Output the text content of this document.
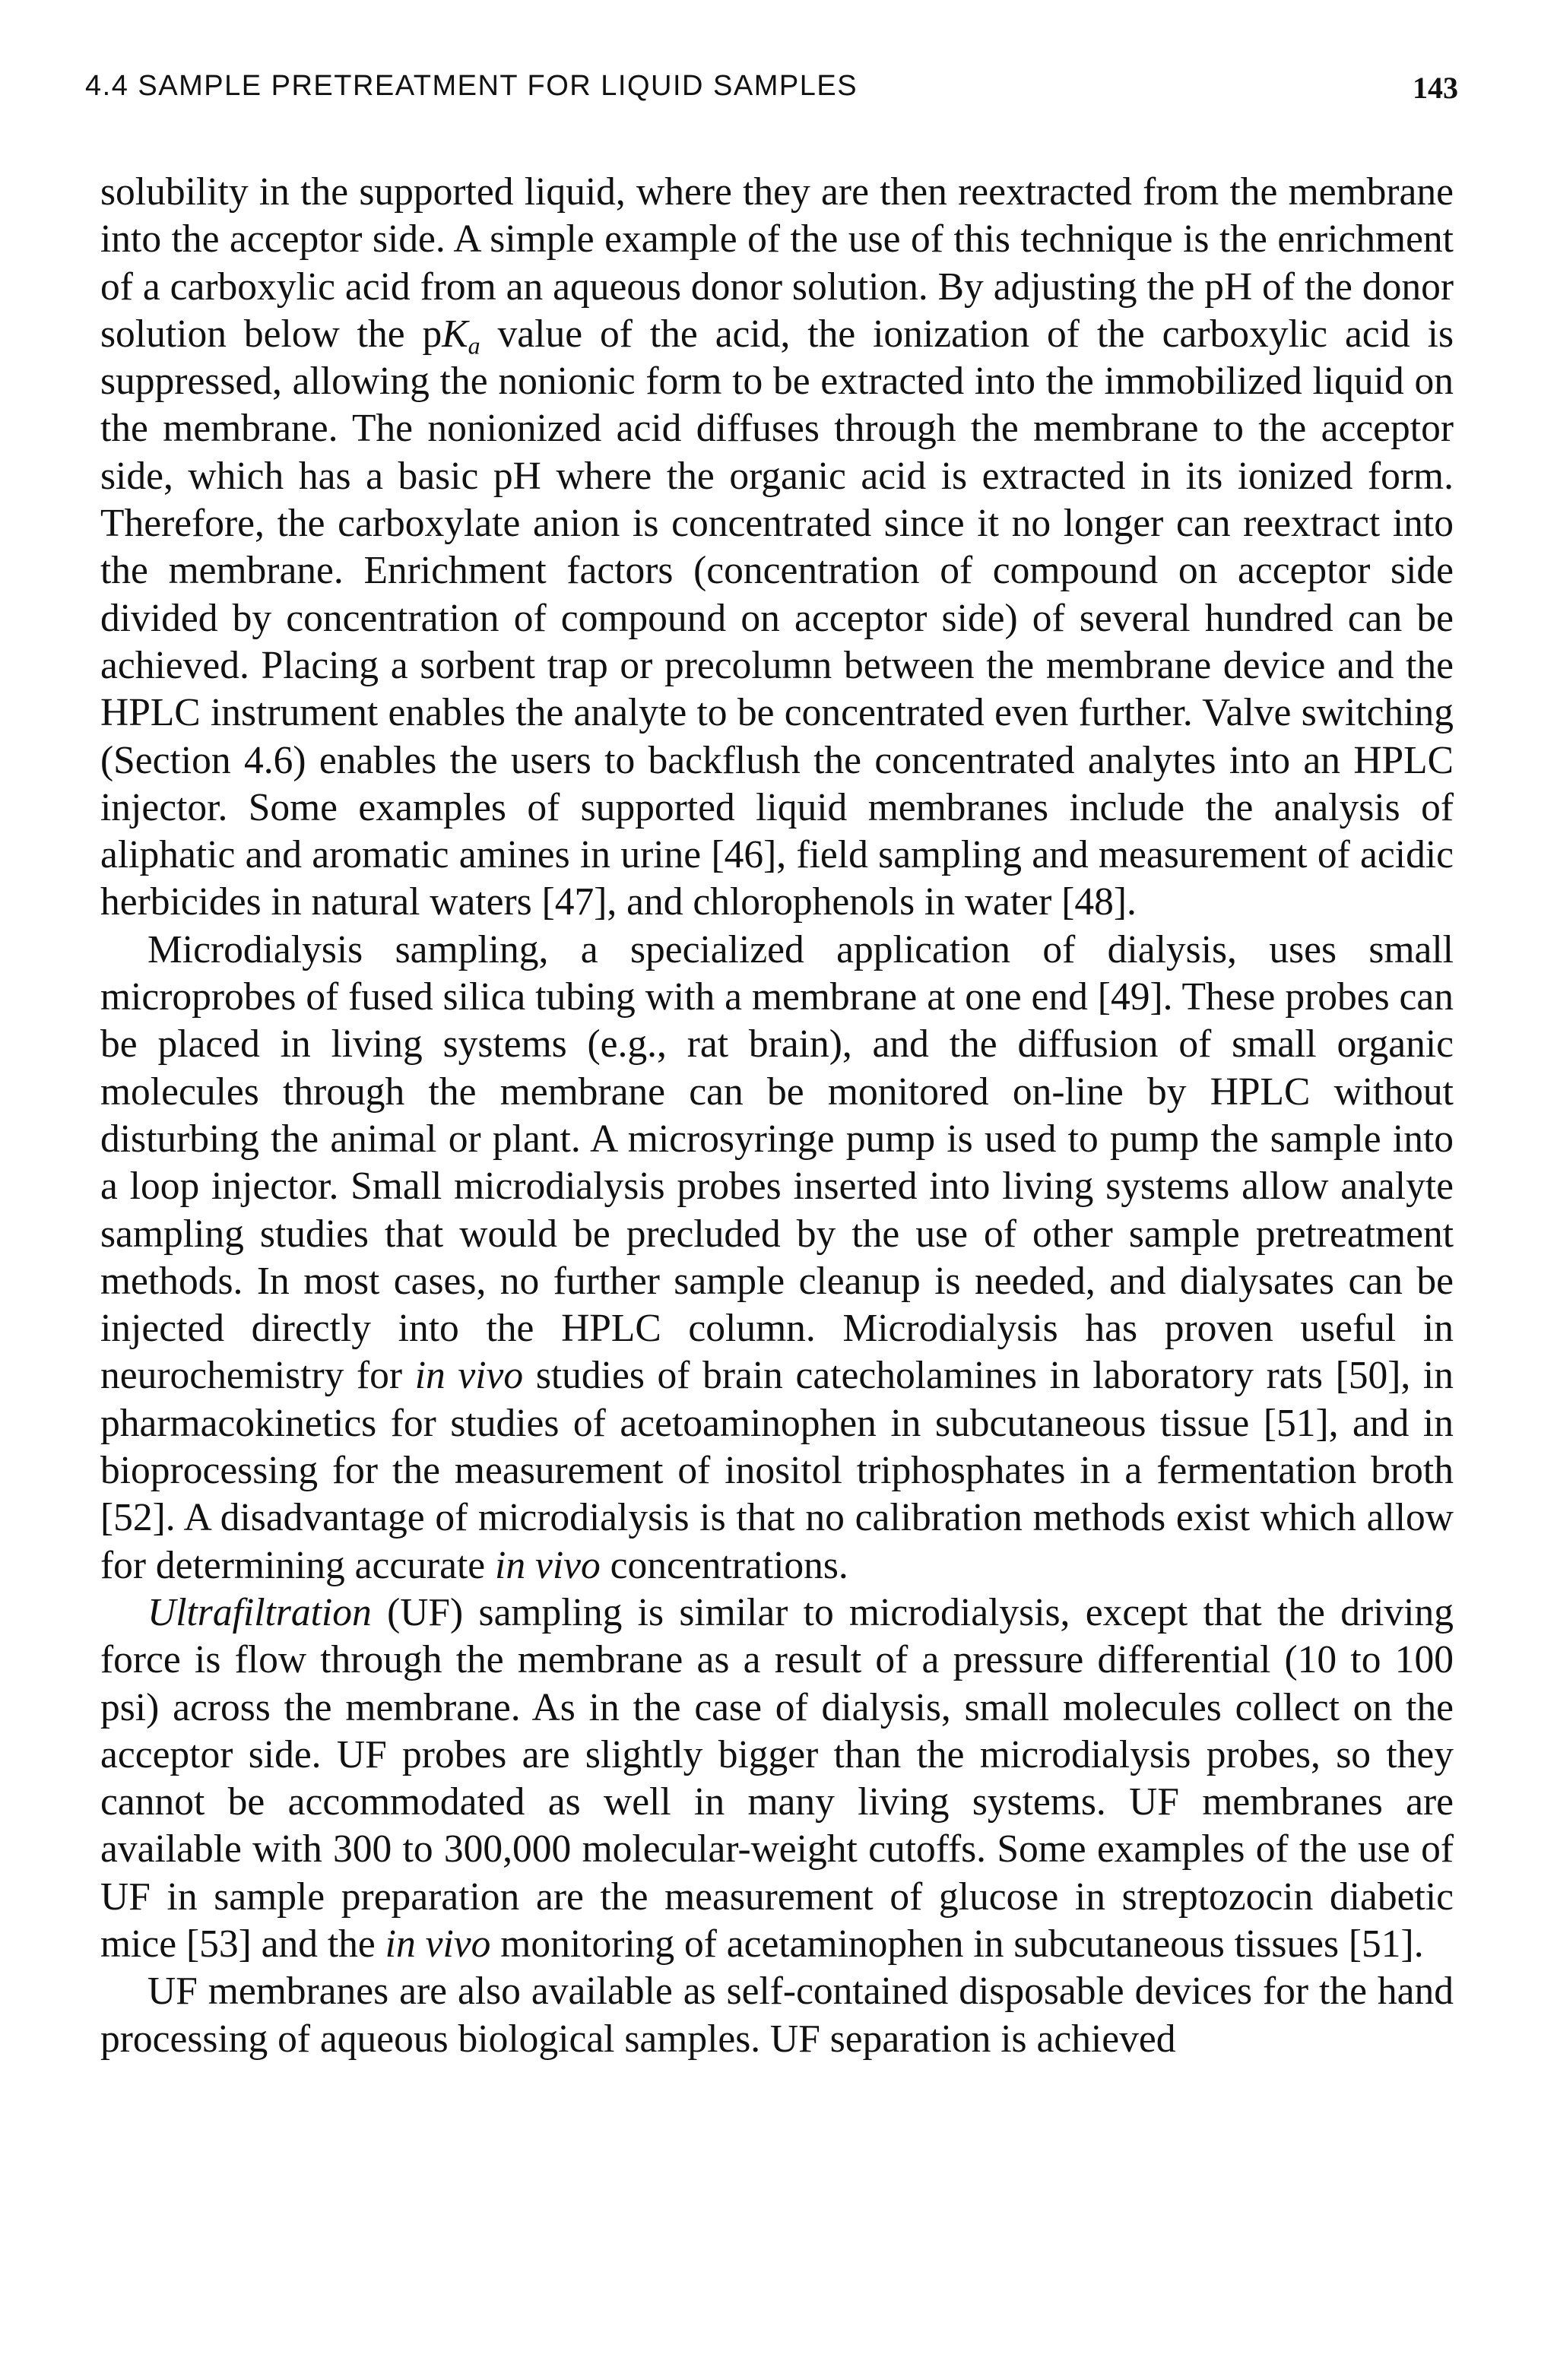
4.4 SAMPLE PRETREATMENT FOR LIQUID SAMPLES	143

solubility in the supported liquid, where they are then reextracted from the membrane into the acceptor side. A simple example of the use of this technique is the enrichment of a carboxylic acid from an aqueous donor solution. By adjusting the pH of the donor solution below the $pK_a$ value of the acid, the ionization of the carboxylic acid is suppressed, allowing the nonionic form to be extracted into the immobilized liquid on the membrane. The nonionized acid diffuses through the membrane to the acceptor side, which has a basic pH where the organic acid is extracted in its ionized form. Therefore, the carboxylate anion is concentrated since it no longer can reextract into the membrane. Enrichment factors (concentration of compound on acceptor side divided by concentration of compound on acceptor side) of several hundred can be achieved. Placing a sorbent trap or precolumn between the membrane device and the HPLC instrument enables the analyte to be concentrated even further. Valve switching (Section 4.6) enables the users to backflush the concentrated analytes into an HPLC injector. Some examples of supported liquid membranes include the analysis of aliphatic and aromatic amines in urine [46], field sampling and measurement of acidic herbicides in natural waters [47], and chlorophenols in water [48].

Microdialysis sampling, a specialized application of dialysis, uses small microprobes of fused silica tubing with a membrane at one end [49]. These probes can be placed in living systems (e.g., rat brain), and the diffusion of small organic molecules through the membrane can be monitored on-line by HPLC without disturbing the animal or plant. A microsyringe pump is used to pump the sample into a loop injector. Small microdialysis probes inserted into living systems allow analyte sampling studies that would be precluded by the use of other sample pretreatment methods. In most cases, no further sample cleanup is needed, and dialysates can be injected directly into the HPLC column. Microdialysis has proven useful in neurochemistry for in vivo studies of brain catecholamines in laboratory rats [50], in pharmacokinetics for studies of acetoaminophen in subcutaneous tissue [51], and in bioprocessing for the measurement of inositol triphosphates in a fermentation broth [52]. A disadvantage of microdialysis is that no calibration methods exist which allow for determining accurate in vivo concentrations.

Ultrafiltration (UF) sampling is similar to microdialysis, except that the driving force is flow through the membrane as a result of a pressure differential (10 to 100 psi) across the membrane. As in the case of dialysis, small molecules collect on the acceptor side. UF probes are slightly bigger than the microdialysis probes, so they cannot be accommodated as well in many living systems. UF membranes are available with 300 to 300,000 molecular-weight cutoffs. Some examples of the use of UF in sample preparation are the measurement of glucose in streptozocin diabetic mice [53] and the in vivo monitoring of acetaminophen in subcutaneous tissues [51].

UF membranes are also available as self-contained disposable devices for the hand processing of aqueous biological samples. UF separation is achieved
